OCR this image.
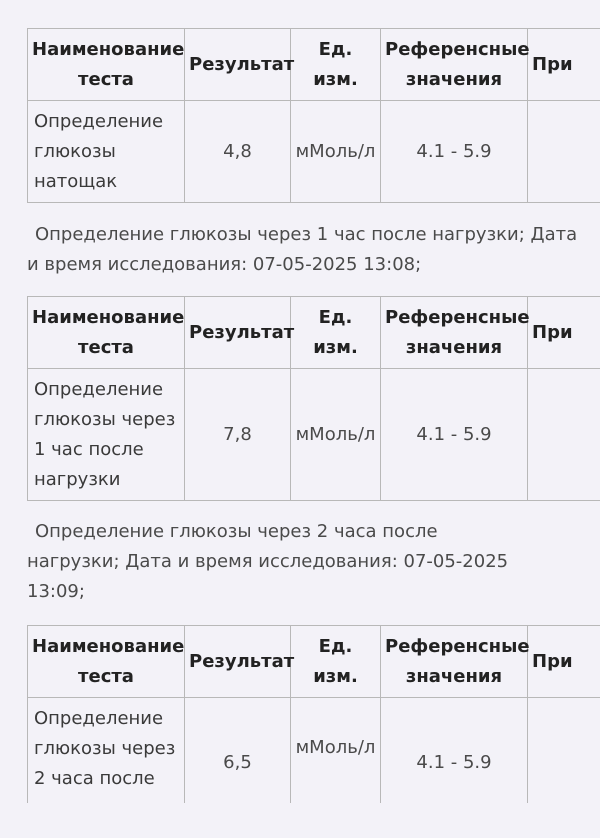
Наименование теста	Результат	Ед. изм.	Референсные значения	При
Определение глюкозы натощак	4,8	мМоль/л	4.1 - 5.9	
Определение глюкозы через 1 час после нагрузки; Дата и время исследования: 07-05-2025 13:08;
Наименование теста	Результат	Ед. изм.	Референсные значения	При
Определение глюкозы через 1 час после нагрузки	7,8	мМоль/л	4.1 - 5.9	
Определение глюкозы через 2 часа после нагрузки; Дата и время исследования: 07-05-2025 13:09;
Наименование теста	Результат	Ед. изм.	Референсные значения	При
Определение глюкозы через 2 часа после	6,5	мМоль/л	4.1 - 5.9	
